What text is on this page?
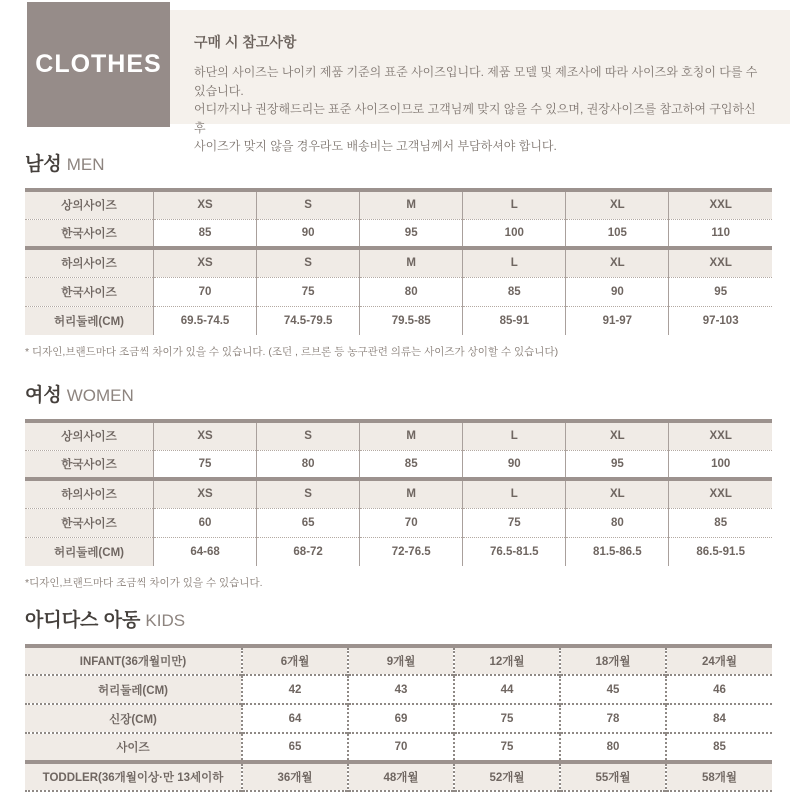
구매 시 참고사항
하단의 사이즈는 나이키 제품 기준의 표준 사이즈입니다. 제품 모델 및 제조사에 따라 사이즈와 호칭이 다를 수 있습니다.
어디까지나 권장해드리는 표준 사이즈이므로 고객님께 맞지 않을 수 있으며, 권장사이즈를 참고하여 구입하신 후
사이즈가 맞지 않을 경우라도 배송비는 고객님께서 부담하셔야 합니다.
CLOTHES
남성 MEN
상의사이즈	XS	S	M	L	XL	XXL
한국사이즈	85	90	95	100	105	110
하의사이즈	XS	S	M	L	XL	XXL
한국사이즈	70	75	80	85	90	95
허리둘레(CM)	69.5-74.5	74.5-79.5	79.5-85	85-91	91-97	97-103
* 디자인,브랜드마다 조금씩 차이가 있을 수 있습니다. (조던 , 르브론 등 농구관련 의류는 사이즈가 상이할 수 있습니다)
여성 WOMEN
상의사이즈	XS	S	M	L	XL	XXL
한국사이즈	75	80	85	90	95	100
하의사이즈	XS	S	M	L	XL	XXL
한국사이즈	60	65	70	75	80	85
허리둘레(CM)	64-68	68-72	72-76.5	76.5-81.5	81.5-86.5	86.5-91.5
*디자인,브랜드마다 조금씩 차이가 있을 수 있습니다.
아디다스 아동 KIDS
INFANT(36개월미만)	6개월	9개월	12개월	18개월	24개월
허리둘레(CM)	42	43	44	45	46
신장(CM)	64	69	75	78	84
사이즈	65	70	75	80	85
TODDLER(36개월이상·만 13세이하	36개월	48개월	52개월	55개월	58개월
